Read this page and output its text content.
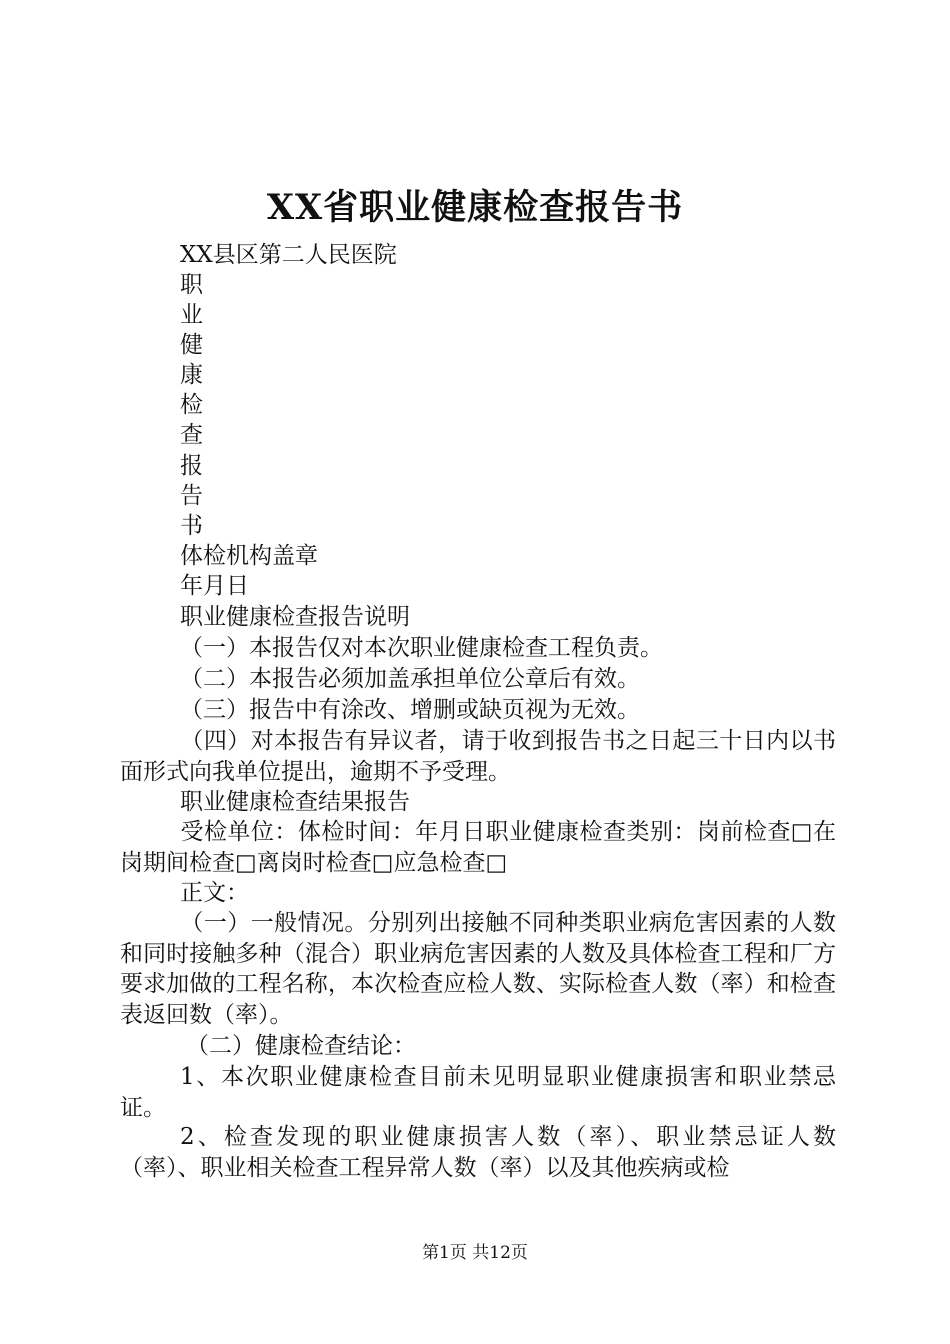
XX省职业健康检查报告书
XX县区第二人民医院
职
业
健
康
检
查
报
告
书
体检机构盖章
年月日
职业健康检查报告说明
（一）本报告仅对本次职业健康检查工程负责。
（二）本报告必须加盖承担单位公章后有效。
（三）报告中有涂改、增删或缺页视为无效。
（四）对本报告有异议者，请于收到报告书之日起三十日内以书面形式向我单位提出，逾期不予受理。
职业健康检查结果报告
受检单位：体检时间：年月日职业健康检查类别：岗前检查□在岗期间检查□离岗时检查□应急检查□
正文：
（一）一般情况。分别列出接触不同种类职业病危害因素的人数和同时接触多种（混合）职业病危害因素的人数及具体检查工程和厂方要求加做的工程名称，本次检查应检人数、实际检查人数（率）和检查表返回数（率）。
（二）健康检查结论：
1、本次职业健康检查目前未见明显职业健康损害和职业禁忌证。
2、检查发现的职业健康损害人数（率）、职业禁忌证人数（率）、职业相关检查工程异常人数（率）以及其他疾病或检
第1页 共12页
